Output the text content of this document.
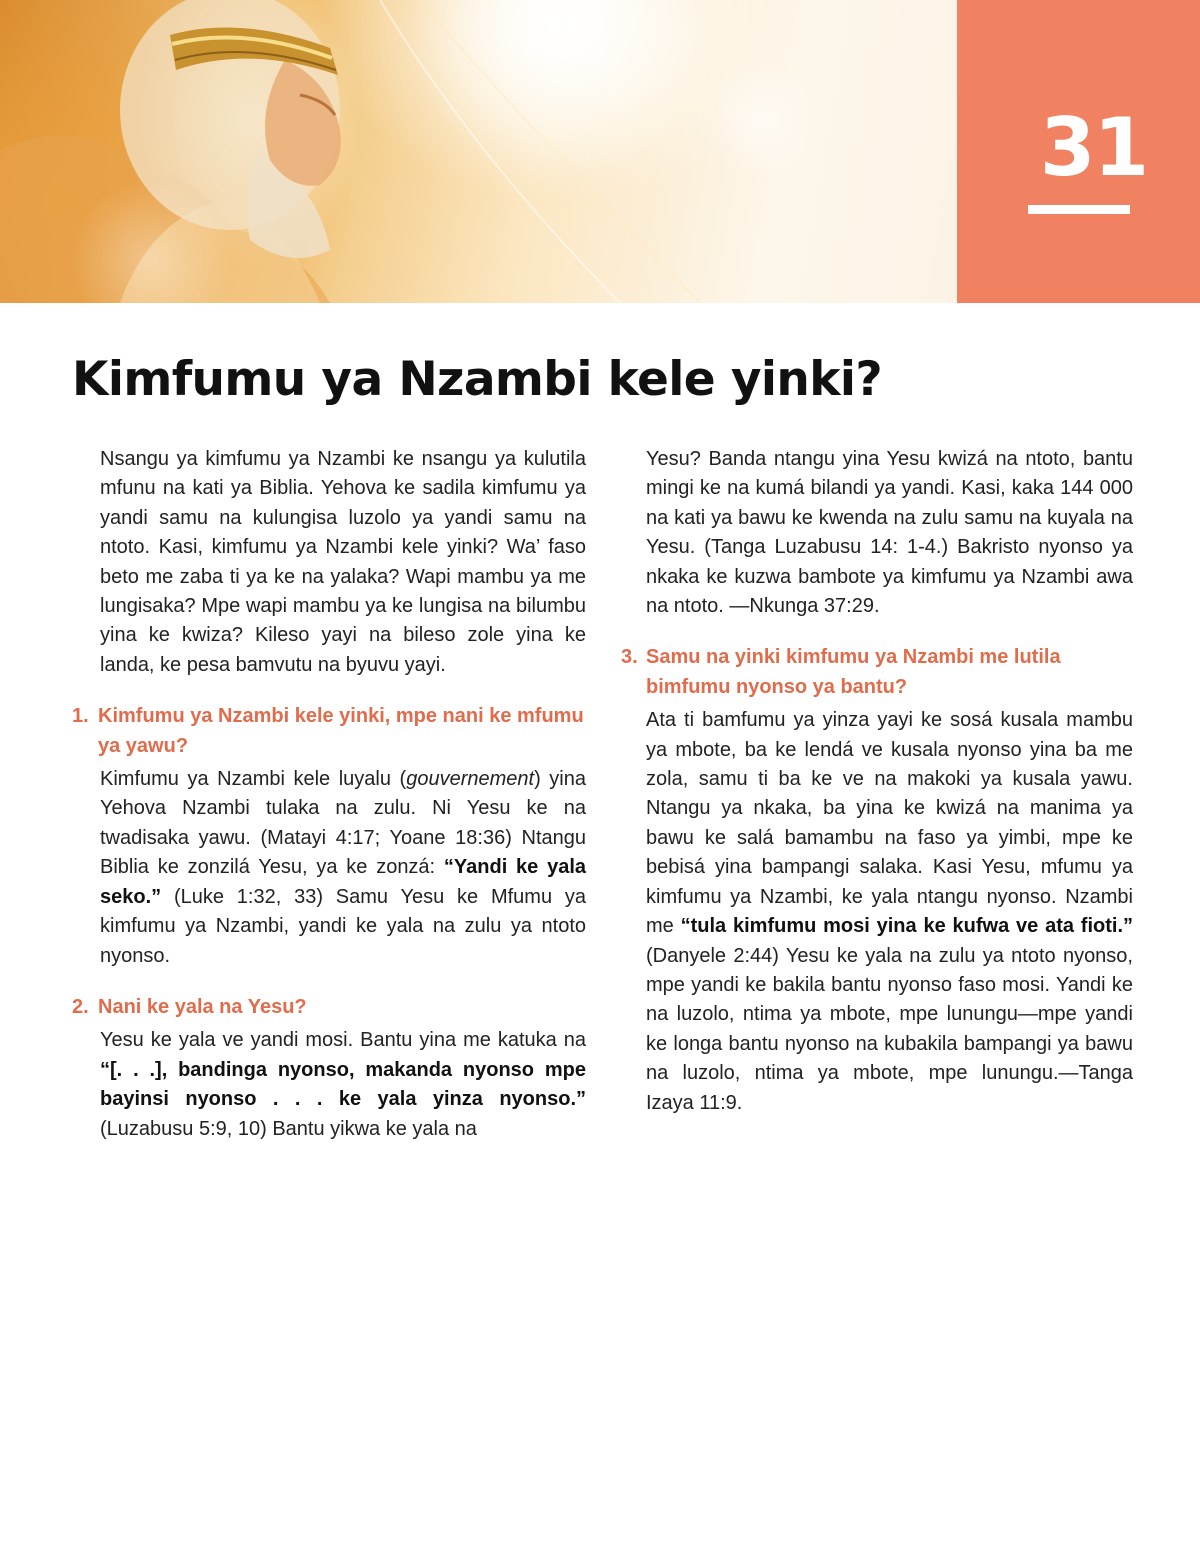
31
Kimfumu ya Nzambi kele yinki?

Nsangu ya kimfumu ya Nzambi ke nsangu ya kulutila mfunu na kati ya Biblia. Yehova ke sadila kimfumu ya yandi samu na kulungisa luzolo ya yandi samu na ntoto. Kasi, kimfumu ya Nzambi kele yinki? Wa’ faso beto me zaba ti ya ke na yalaka? Wapi mambu ya me lungisaka? Mpe wapi mambu ya ke lungisa na bilumbu yina ke kwiza? Kileso yayi na bileso zole yina ke landa, ke pesa bamvutu na byuvu yayi.

1. Kimfumu ya Nzambi kele yinki, mpe nani ke mfumu ya yawu?

Kimfumu ya Nzambi kele luyalu (gouvernement) yina Yehova Nzambi tulaka na zulu. Ni Yesu ke na twadisaka yawu. (Matayi 4:17; Yoane 18:36) Ntangu Biblia ke zonzilá Yesu, ya ke zonzá: “Yandi ke yala seko.” (Luke 1:32, 33) Samu Yesu ke Mfumu ya kimfumu ya Nzambi, yandi ke yala na zulu ya ntoto nyonso.

2. Nani ke yala na Yesu?

Yesu ke yala ve yandi mosi. Bantu yina me katuka na “[. . .], bandinga nyonso, makanda nyonso mpe bayinsi nyonso . . . ke yala yinza nyonso.” (Luzabusu 5:9, 10) Bantu yikwa ke yala na

Yesu? Banda ntangu yina Yesu kwizá na ntoto, bantu mingi ke na kumá bilandi ya yandi. Kasi, kaka 144 000 na kati ya bawu ke kwenda na zulu samu na kuyala na Yesu. (Tanga Luzabusu 14: 1-4.) Bakristo nyonso ya nkaka ke kuzwa bambote ya kimfumu ya Nzambi awa na ntoto. —Nkunga 37:29.

3. Samu na yinki kimfumu ya Nzambi me lutila bimfumu nyonso ya bantu?

Ata ti bamfumu ya yinza yayi ke sosá kusala mambu ya mbote, ba ke lendá ve kusala nyonso yina ba me zola, samu ti ba ke ve na makoki ya kusala yawu. Ntangu ya nkaka, ba yina ke kwizá na manima ya bawu ke salá bamambu na faso ya yimbi, mpe ke bebisá yina bampangi salaka. Kasi Yesu, mfumu ya kimfumu ya Nzambi, ke yala ntangu nyonso. Nzambi me “tula kimfumu mosi yina ke kufwa ve ata fioti.” (Danyele 2:44) Yesu ke yala na zulu ya ntoto nyonso, mpe yandi ke bakila bantu nyonso faso mosi. Yandi ke na luzolo, ntima ya mbote, mpe lunungu—mpe yandi ke longa bantu nyonso na kubakila bampangi ya bawu na luzolo, ntima ya mbote, mpe lunungu.—Tanga Izaya 11:9.
